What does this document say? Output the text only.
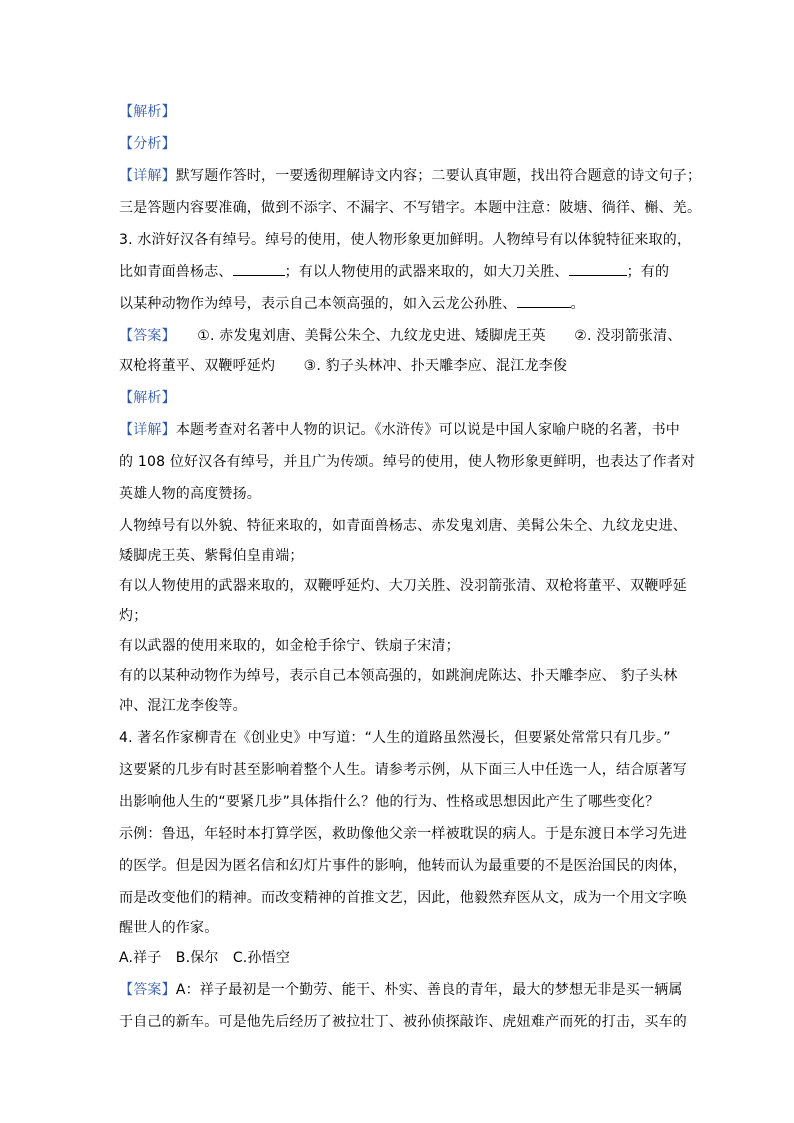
【解析】
【分析】
【详解】默写题作答时，一要透彻理解诗文内容；二要认真审题，找出符合题意的诗文句子；
三是答题内容要准确，做到不添字、不漏字、不写错字。本题中注意：陂塘、徜徉、槲、羌。
3. 水浒好汉各有绰号。绰号的使用，使人物形象更加鲜明。人物绰号有以体貌特征来取的，
比如青面兽杨志、	；有以人物使用的武器来取的，如大刀关胜、	；有的
以某种动物作为绰号，表示自己本领高强的，如入云龙公孙胜、	。
【答案】　　①. 赤发鬼刘唐、美髯公朱仝、九纹龙史进、矮脚虎王英　　②. 没羽箭张清、
双枪将董平、双鞭呼延灼　　③. 豹子头林冲、扑天雕李应、混江龙李俊
【解析】
【详解】本题考查对名著中人物的识记。《水浒传》可以说是中国人家喻户晓的名著，书中
的 108 位好汉各有绰号，并且广为传颂。绰号的使用，使人物形象更鲜明，也表达了作者对
英雄人物的高度赞扬。
人物绰号有以外貌、特征来取的，如青面兽杨志、赤发鬼刘唐、美髯公朱仝、九纹龙史进、
矮脚虎王英、紫髯伯皇甫端；
有以人物使用的武器来取的，双鞭呼延灼、大刀关胜、没羽箭张清、双枪将董平、双鞭呼延
灼；
有以武器的使用来取的，如金枪手徐宁、铁扇子宋清；
有的以某种动物作为绰号，表示自己本领高强的，如跳涧虎陈达、扑天雕李应、 豹子头林
冲、混江龙李俊等。
4. 著名作家柳青在《创业史》中写道：“人生的道路虽然漫长，但要紧处常常只有几步。”
这要紧的几步有时甚至影响着整个人生。请参考示例，从下面三人中任选一人，结合原著写
出影响他人生的“要紧几步”具体指什么？他的行为、性格或思想因此产生了哪些变化？
示例：鲁迅，年轻时本打算学医，救助像他父亲一样被耽误的病人。于是东渡日本学习先进
的医学。但是因为匿名信和幻灯片事件的影响，他转而认为最重要的不是医治国民的肉体，
而是改变他们的精神。而改变精神的首推文艺，因此，他毅然弃医从文，成为一个用文字唤
醒世人的作家。
A.祥子　B.保尔　C.孙悟空
【答案】A：祥子最初是一个勤劳、能干、朴实、善良的青年，最大的梦想无非是买一辆属
于自己的新车。可是他先后经历了被拉壮丁、被孙侦探敲诈、虎妞难产而死的打击，买车的
